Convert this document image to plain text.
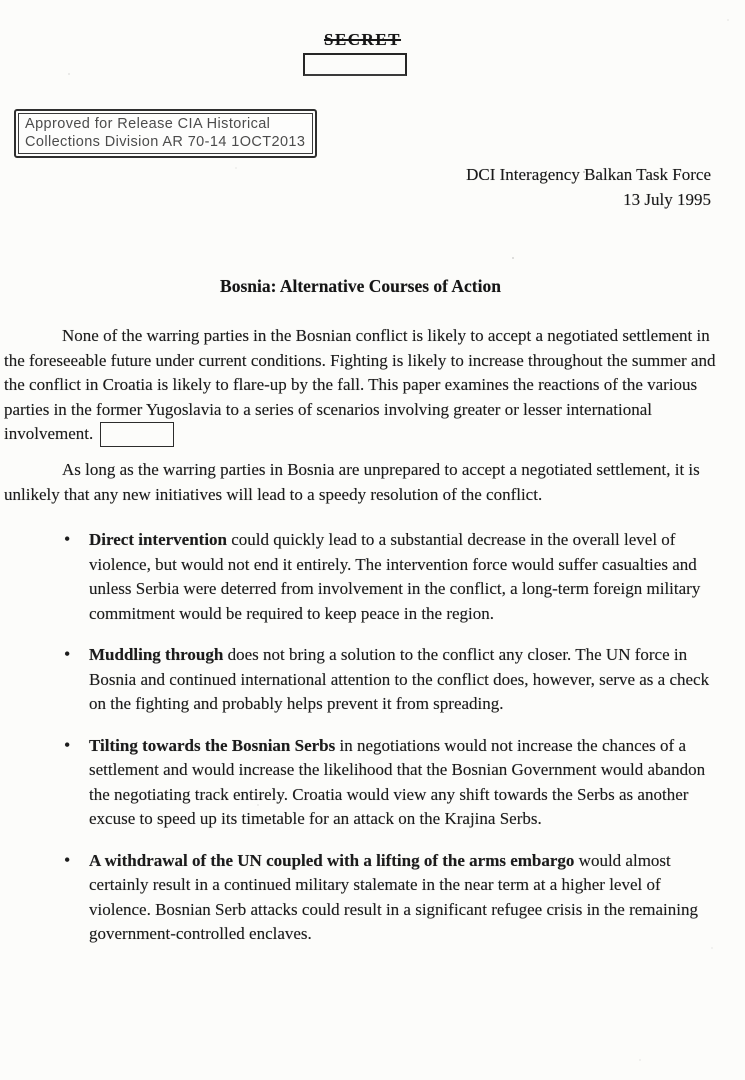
SECRET
Approved for Release CIA Historical
Collections Division AR 70-14 1OCT2013
DCI Interagency Balkan Task Force
13 July 1995
Bosnia: Alternative Courses of Action

None of the warring parties in the Bosnian conflict is likely to accept a negotiated settlement in the foreseeable future under current conditions. Fighting is likely to increase throughout the summer and the conflict in Croatia is likely to flare-up by the fall. This paper examines the reactions of the various parties in the former Yugoslavia to a series of scenarios involving greater or lesser international involvement.

As long as the warring parties in Bosnia are unprepared to accept a negotiated settlement, it is unlikely that any new initiatives will lead to a speedy resolution of the conflict.

• Direct intervention could quickly lead to a substantial decrease in the overall level of violence, but would not end it entirely. The intervention force would suffer casualties and unless Serbia were deterred from involvement in the conflict, a long-term foreign military commitment would be required to keep peace in the region.
• Muddling through does not bring a solution to the conflict any closer. The UN force in Bosnia and continued international attention to the conflict does, however, serve as a check on the fighting and probably helps prevent it from spreading.
• Tilting towards the Bosnian Serbs in negotiations would not increase the chances of a settlement and would increase the likelihood that the Bosnian Government would abandon the negotiating track entirely. Croatia would view any shift towards the Serbs as another excuse to speed up its timetable for an attack on the Krajina Serbs.
• A withdrawal of the UN coupled with a lifting of the arms embargo would almost certainly result in a continued military stalemate in the near term at a higher level of violence. Bosnian Serb attacks could result in a significant refugee crisis in the remaining government-controlled enclaves.
